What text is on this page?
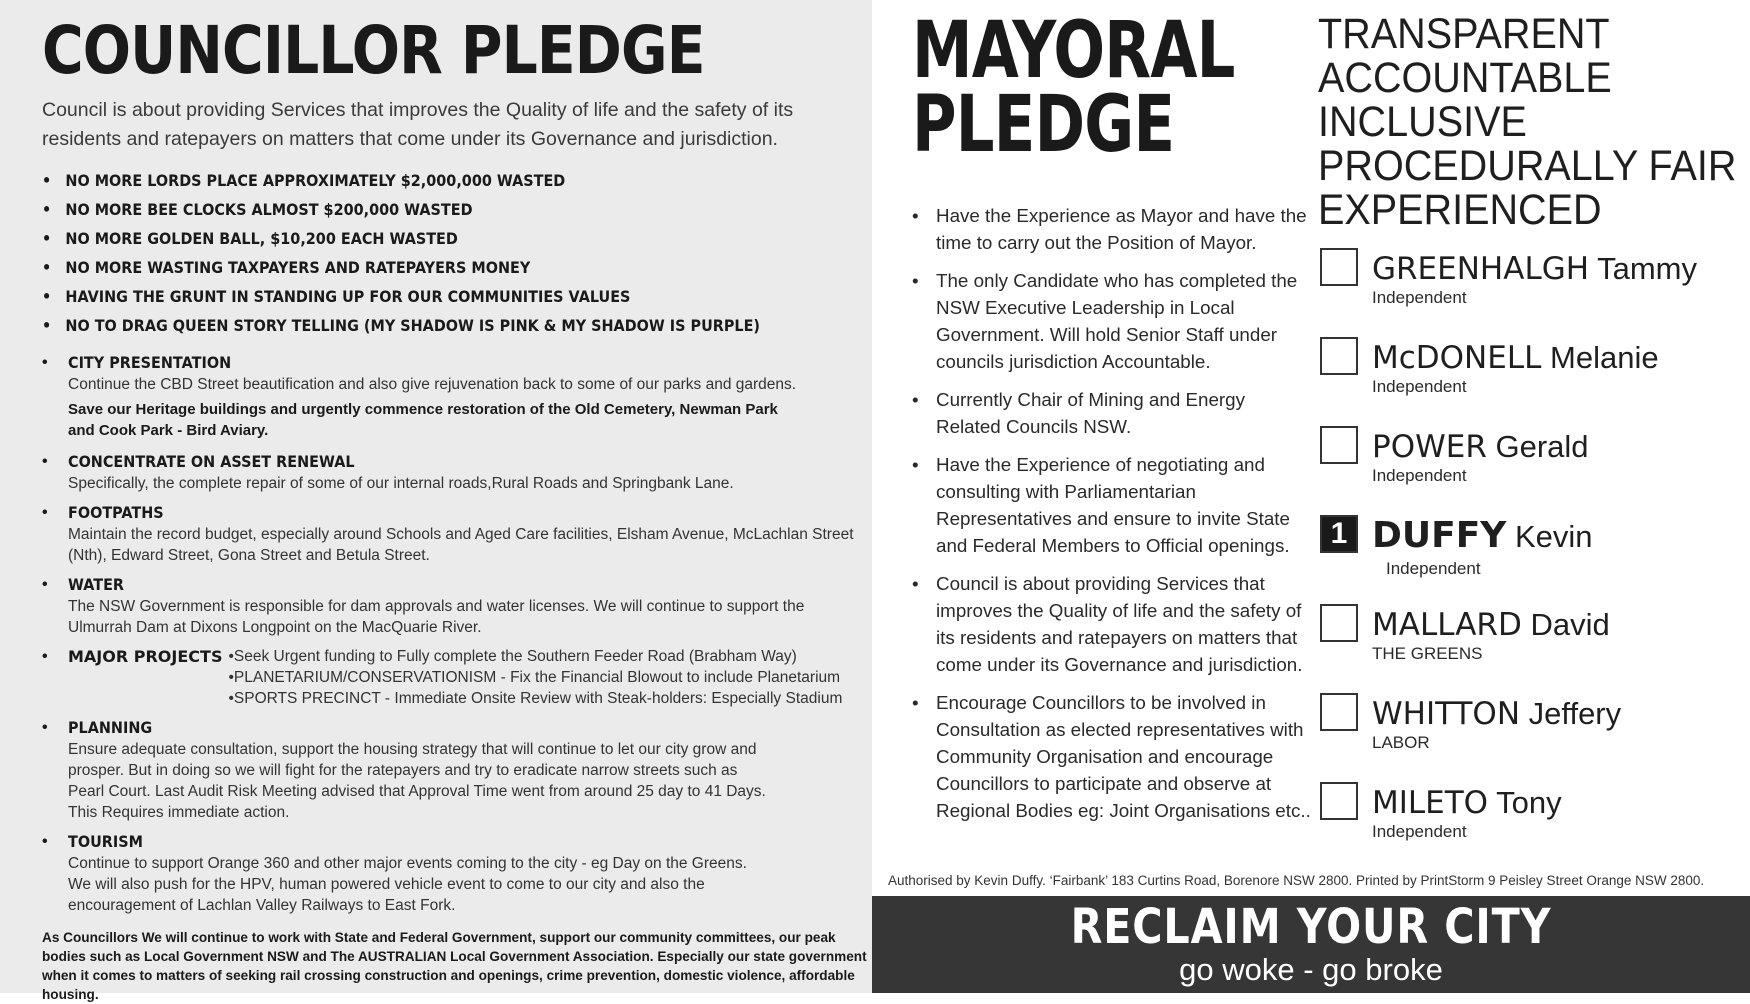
COUNCILLOR PLEDGE

Council is about providing Services that improves the Quality of life and the safety of its residents and ratepayers on matters that come under its Governance and jurisdiction.

• NO MORE LORDS PLACE APPROXIMATELY $2,000,000 WASTED
• NO MORE BEE CLOCKS ALMOST $200,000 WASTED
• NO MORE GOLDEN BALL, $10,200 EACH WASTED
• NO MORE WASTING TAXPAYERS AND RATEPAYERS MONEY
• HAVING THE GRUNT IN STANDING UP FOR OUR COMMUNITIES VALUES
• NO TO DRAG QUEEN STORY TELLING (MY SHADOW IS PINK & MY SHADOW IS PURPLE)
• CITY PRESENTATION
Continue the CBD Street beautification and also give rejuvenation back to some of our parks and gardens.
Save our Heritage buildings and urgently commence restoration of the Old Cemetery, Newman Park
and Cook Park - Bird Aviary.
• CONCENTRATE ON ASSET RENEWAL
Specifically, the complete repair of some of our internal roads,Rural Roads and Springbank Lane.
• FOOTPATHS
Maintain the record budget, especially around Schools and Aged Care facilities, Elsham Avenue, McLachlan Street (Nth), Edward Street, Gona Street and Betula Street.
• WATER
The NSW Government is responsible for dam approvals and water licenses. We will continue to support the Ulmurrah Dam at Dixons Longpoint on the MacQuarie River.
• MAJOR PROJECTS
• Seek Urgent funding to Fully complete the Southern Feeder Road (Brabham Way)
• PLANETARIUM/CONSERVATIONISM - Fix the Financial Blowout to include Planetarium
• SPORTS PRECINCT - Immediate Onsite Review with Steak-holders: Especially Stadium
• PLANNING
Ensure adequate consultation, support the housing strategy that will continue to let our city grow and
prosper. But in doing so we will fight for the ratepayers and try to eradicate narrow streets such as
Pearl Court. Last Audit Risk Meeting advised that Approval Time went from around 25 day to 41 Days.
This Requires immediate action.
• TOURISM
Continue to support Orange 360 and other major events coming to the city - eg Day on the Greens.
We will also push for the HPV, human powered vehicle event to come to our city and also the
encouragement of Lachlan Valley Railways to East Fork.

As Councillors We will continue to work with State and Federal Government, support our community committees, our peak bodies such as Local Government NSW and The AUSTRALIAN Local Government Association. Especially our state government when it comes to matters of seeking rail crossing construction and openings, crime prevention, domestic violence, affordable housing.

MAYORAL
PLEDGE
• Have the Experience as Mayor and have the time to carry out the Position of Mayor.
• The only Candidate who has completed the NSW Executive Leadership in Local Government. Will hold Senior Staff under councils jurisdiction Accountable.
• Currently Chair of Mining and Energy Related Councils NSW.
• Have the Experience of negotiating and consulting with Parliamentarian Representatives and ensure to invite State and Federal Members to Official openings.
• Council is about providing Services that improves the Quality of life and the safety of its residents and ratepayers on matters that come under its Governance and jurisdiction.
• Encourage Councillors to be involved in Consultation as elected representatives with Community Organisation and encourage Councillors to participate and observe at Regional Bodies eg: Joint Organisations etc..
TRANSPARENT
ACCOUNTABLE
INCLUSIVE
PROCEDURALLY FAIR
EXPERIENCED
GREENHALGH Tammy
Independent
McDONELL Melanie
Independent
POWER Gerald
Independent
1 DUFFY Kevin
Independent
MALLARD David
THE GREENS
WHITTON Jeffery
LABOR
MILETO Tony
Independent
Authorised by Kevin Duffy. ‘Fairbank’ 183 Curtins Road, Borenore NSW 2800. Printed by PrintStorm 9 Peisley Street Orange NSW 2800.
RECLAIM YOUR CITY
go woke - go broke
